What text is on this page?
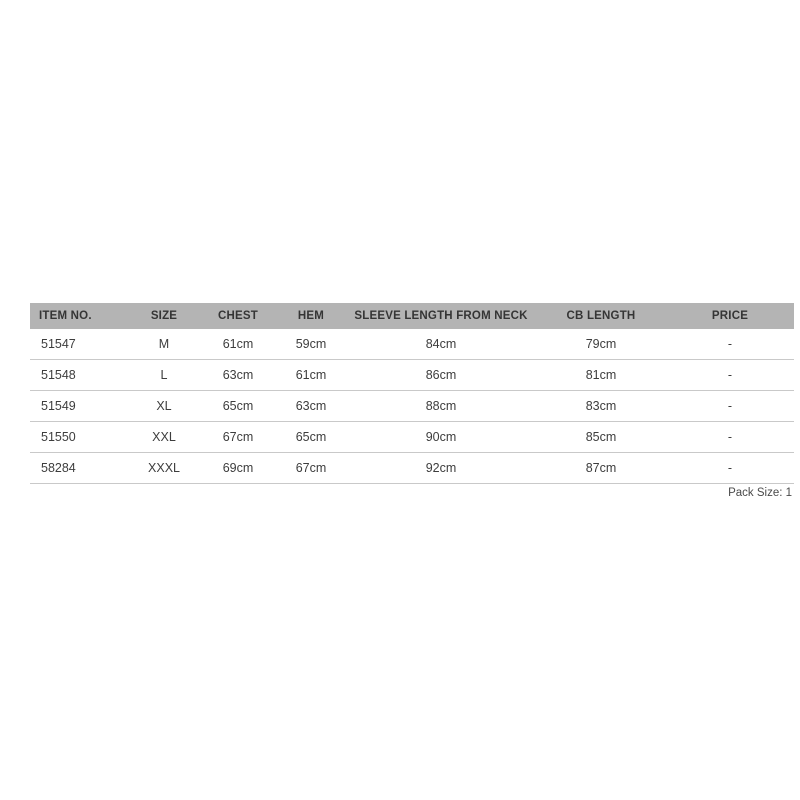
ITEM NO.	SIZE	CHEST	HEM	SLEEVE LENGTH FROM NECK	CB LENGTH	PRICE
51547	M	61cm	59cm	84cm	79cm	-
51548	L	63cm	61cm	86cm	81cm	-
51549	XL	65cm	63cm	88cm	83cm	-
51550	XXL	67cm	65cm	90cm	85cm	-
58284	XXXL	69cm	67cm	92cm	87cm	-
Pack Size: 1
